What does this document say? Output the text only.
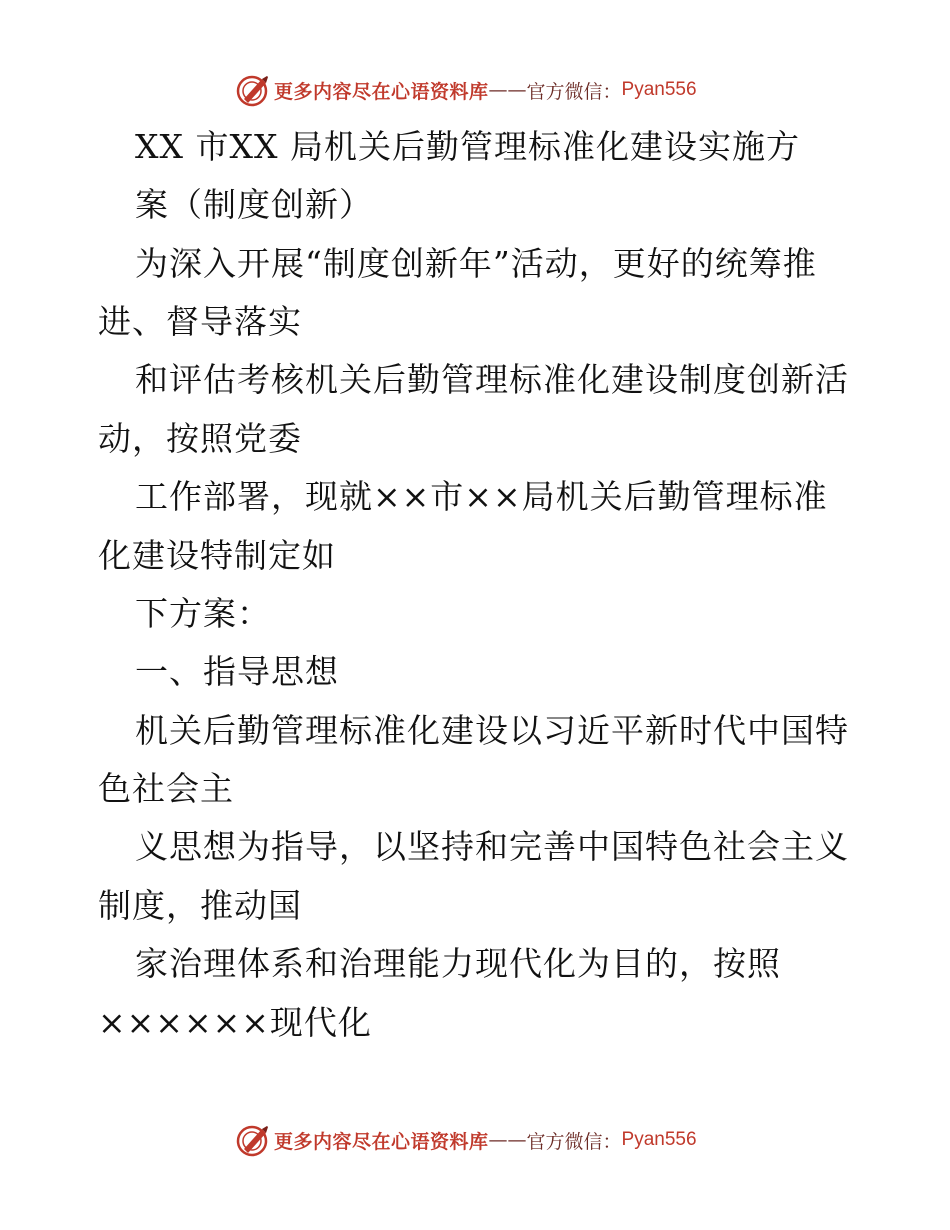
更多内容尽在心语资料库 —— 官方微信： Pyan556
XX 市XX 局机关后勤管理标准化建设实施方
案（制度创新）
为深入开展“制度创新年”活动，更好的统筹推
进、督导落实
和评估考核机关后勤管理标准化建设制度创新活
动，按照党委
工作部署，现就××市××局机关后勤管理标准
化建设特制定如
下方案：
一、指导思想
机关后勤管理标准化建设以习近平新时代中国特
色社会主
义思想为指导，以坚持和完善中国特色社会主义
制度，推动国
家治理体系和治理能力现代化为目的，按照
××××××现代化
更多内容尽在心语资料库 —— 官方微信： Pyan556
